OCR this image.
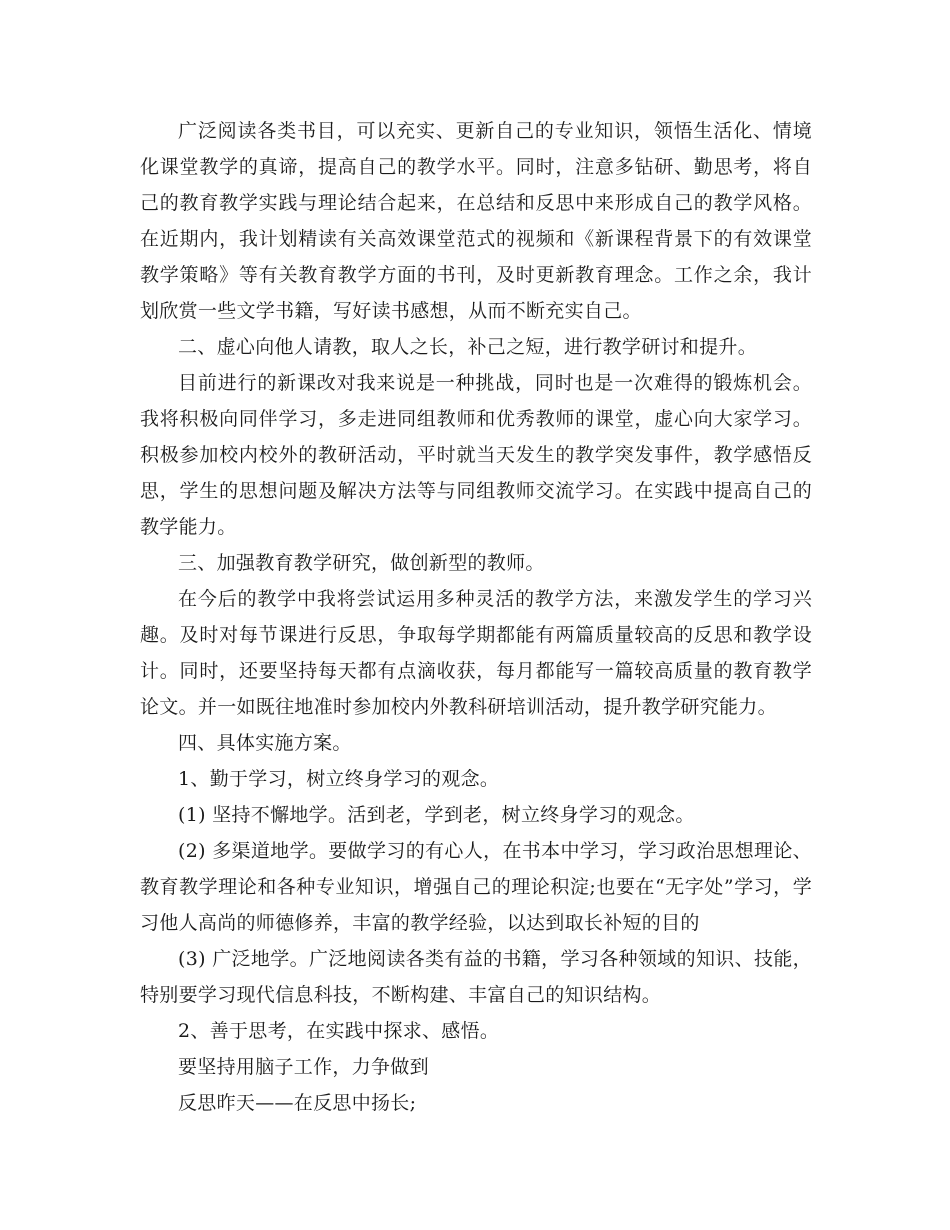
广泛阅读各类书目，可以充实、更新自己的专业知识，领悟生活化、情境化课堂教学的真谛，提高自己的教学水平。同时，注意多钻研、勤思考，将自己的教育教学实践与理论结合起来，在总结和反思中来形成自己的教学风格。在近期内，我计划精读有关高效课堂范式的视频和《新课程背景下的有效课堂教学策略》等有关教育教学方面的书刊，及时更新教育理念。工作之余，我计划欣赏一些文学书籍，写好读书感想，从而不断充实自己。

二、虚心向他人请教，取人之长，补己之短，进行教学研讨和提升。

目前进行的新课改对我来说是一种挑战，同时也是一次难得的锻炼机会。我将积极向同伴学习，多走进同组教师和优秀教师的课堂，虚心向大家学习。积极参加校内校外的教研活动，平时就当天发生的教学突发事件，教学感悟反思，学生的思想问题及解决方法等与同组教师交流学习。在实践中提高自己的教学能力。

三、加强教育教学研究，做创新型的教师。

在今后的教学中我将尝试运用多种灵活的教学方法，来激发学生的学习兴趣。及时对每节课进行反思，争取每学期都能有两篇质量较高的反思和教学设计。同时，还要坚持每天都有点滴收获，每月都能写一篇较高质量的教育教学论文。并一如既往地准时参加校内外教科研培训活动，提升教学研究能力。

四、具体实施方案。

1、勤于学习，树立终身学习的观念。

(1) 坚持不懈地学。活到老，学到老，树立终身学习的观念。

(2) 多渠道地学。要做学习的有心人，在书本中学习，学习政治思想理论、教育教学理论和各种专业知识，增强自己的理论积淀;也要在“无字处”学习，学习他人高尚的师德修养，丰富的教学经验，以达到取长补短的目的

(3) 广泛地学。广泛地阅读各类有益的书籍，学习各种领域的知识、技能，特别要学习现代信息科技，不断构建、丰富自己的知识结构。

2、善于思考，在实践中探求、感悟。

要坚持用脑子工作，力争做到

反思昨天——在反思中扬长;
